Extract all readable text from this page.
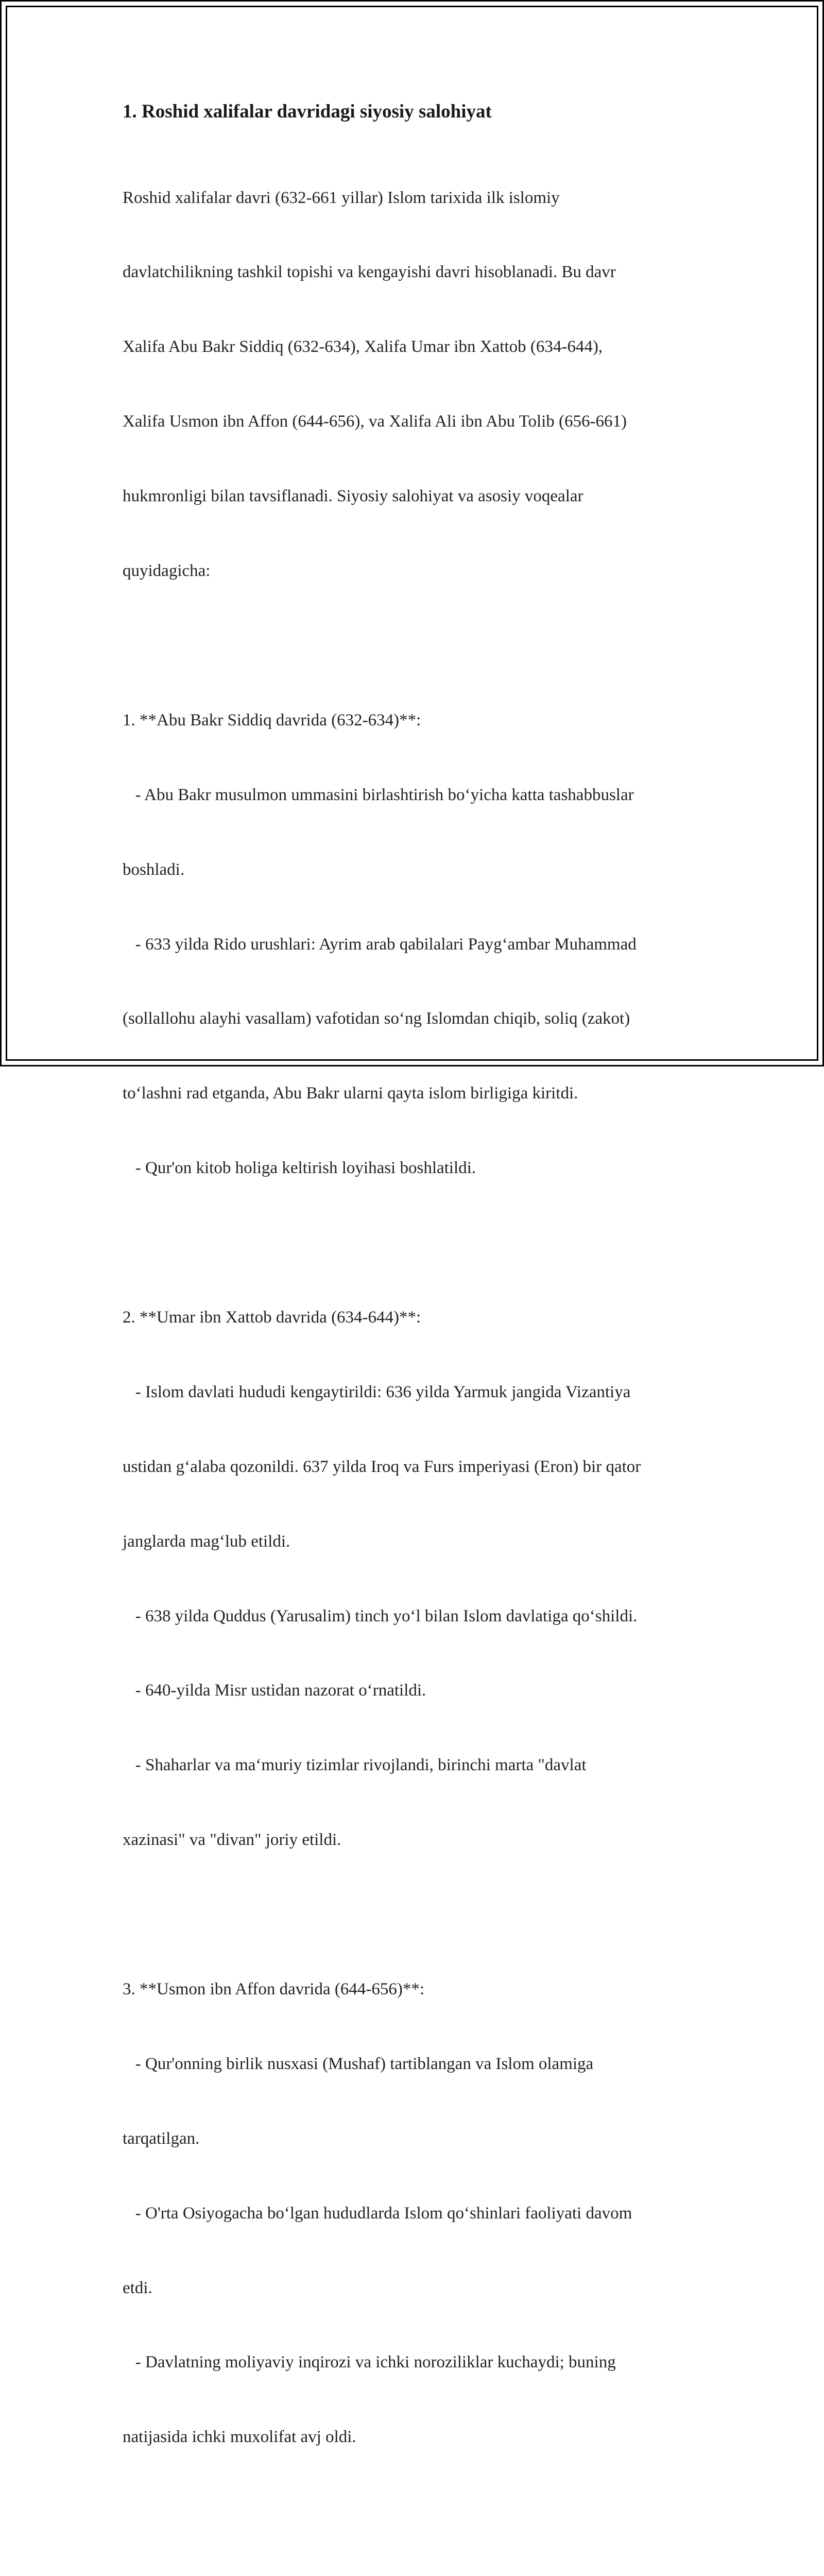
1. Roshid xalifalar davridagi siyosiy salohiyat

Roshid xalifalar davri (632-661 yillar) Islom tarixida ilk islomiy

davlatchilikning tashkil topishi va kengayishi davri hisoblanadi. Bu davr

Xalifa Abu Bakr Siddiq (632-634), Xalifa Umar ibn Xattob (634-644),

Xalifa Usmon ibn Affon (644-656), va Xalifa Ali ibn Abu Tolib (656-661)

hukmronligi bilan tavsiflanadi. Siyosiy salohiyat va asosiy voqealar

quyidagicha:

1. **Abu Bakr Siddiq davrida (632-634)**:

- Abu Bakr musulmon ummasini birlashtirish bo‘yicha katta tashabbuslar

boshladi.

- 633 yilda Rido urushlari: Ayrim arab qabilalari Payg‘ambar Muhammad

(sollallohu alayhi vasallam) vafotidan so‘ng Islomdan chiqib, soliq (zakot)

to‘lashni rad etganda, Abu Bakr ularni qayta islom birligiga kiritdi.

- Qur'on kitob holiga keltirish loyihasi boshlatildi.

2. **Umar ibn Xattob davrida (634-644)**:

- Islom davlati hududi kengaytirildi: 636 yilda Yarmuk jangida Vizantiya

ustidan g‘alaba qozonildi. 637 yilda Iroq va Furs imperiyasi (Eron) bir qator

janglarda mag‘lub etildi.

- 638 yilda Quddus (Yarusalim) tinch yo‘l bilan Islom davlatiga qo‘shildi.

- 640-yilda Misr ustidan nazorat o‘rnatildi.

- Shaharlar va ma‘muriy tizimlar rivojlandi, birinchi marta "davlat

xazinasi" va "divan" joriy etildi.

3. **Usmon ibn Affon davrida (644-656)**:

- Qur'onning birlik nusxasi (Mushaf) tartiblangan va Islom olamiga

tarqatilgan.

- O'rta Osiyogacha bo‘lgan hududlarda Islom qo‘shinlari faoliyati davom

etdi.

- Davlatning moliyaviy inqirozi va ichki noroziliklar kuchaydi; buning

natijasida ichki muxolifat avj oldi.
